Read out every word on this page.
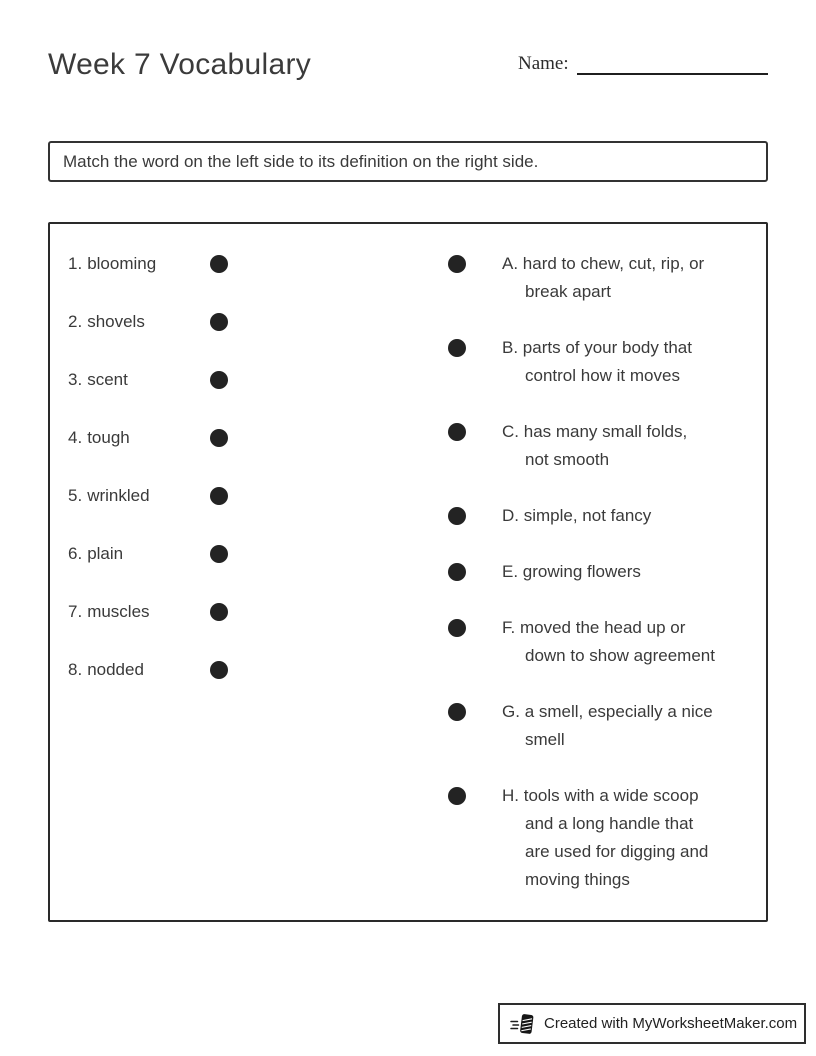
Week 7 Vocabulary	Name:
Match the word on the left side to its definition on the right side.
1. blooming
2. shovels
3. scent
4. tough
5. wrinkled
6. plain
7. muscles
8. nodded

A. hard to chew, cut, rip, or
break apart

B. parts of your body that
control how it moves

C. has many small folds,
not smooth

D. simple, not fancy

E. growing flowers

F. moved the head up or
down to show agreement

G. a smell, especially a nice
smell

H. tools with a wide scoop
and a long handle that
are used for digging and
moving things

Created with MyWorksheetMaker.com
